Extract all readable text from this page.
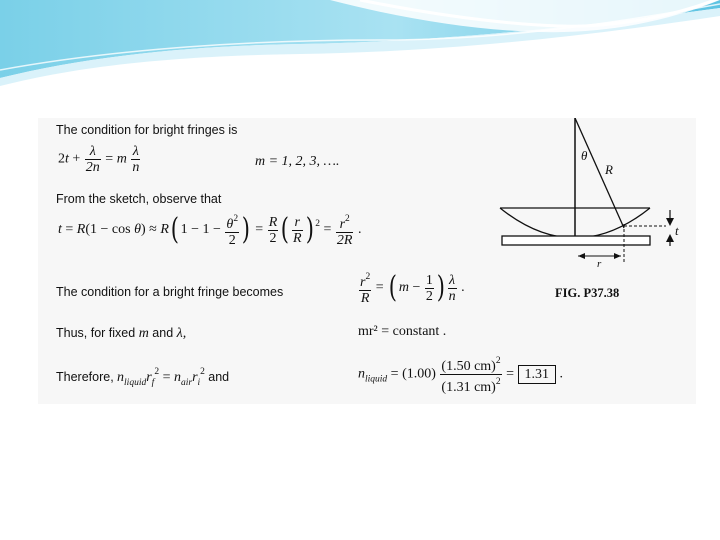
The condition for bright fringes is
$2t + \frac{\lambda}{2n} = m \frac{\lambda}{n}$	m = 1, 2, 3, ….
From the sketch, observe that
t = R(1 − cos θ) ≈ R( $1 - 1 - \frac{\theta^2}{2}$ ) = $\frac{R}{2}$ ( $\frac{r}{R}$ ) $^2 = \frac{r^2}{2R}$ .
The condition for a bright fringe becomes	$\frac{r^2}{R}$ = ( $m - \frac{1}{2}$ ) $\frac{\lambda}{n}$ .
Thus, for fixed m and λ,	mr² = constant .
Therefore, $n_{liquid}r_f^2 = n_{air}r_i^2$ and	$n_{liquid} = (1.00) \frac{(1.50 cm)^2}{(1.31 cm)^2} = 1.31$ .
θ
R
t
r
FIG. P37.38
